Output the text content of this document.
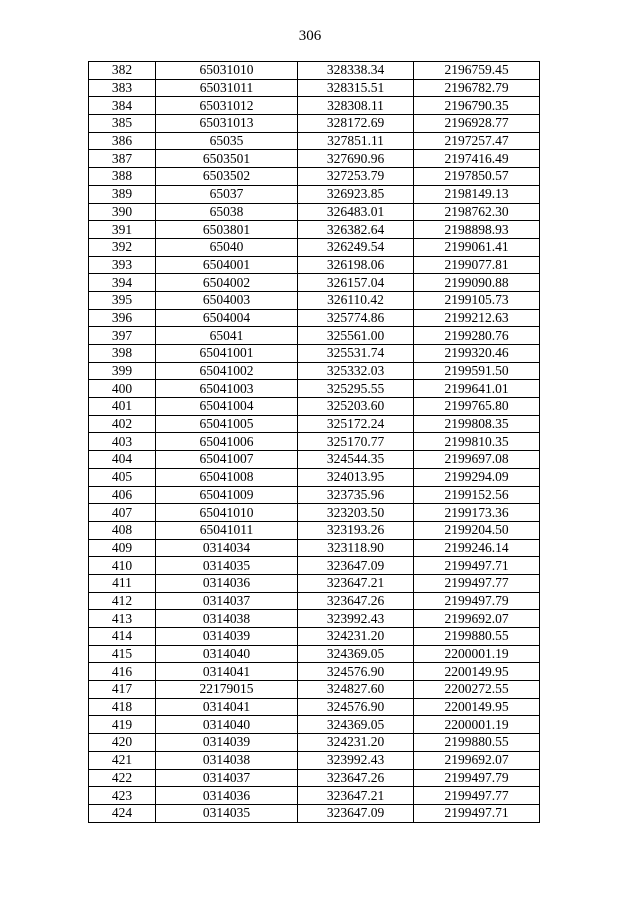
306
382	65031010	328338.34	2196759.45
383	65031011	328315.51	2196782.79
384	65031012	328308.11	2196790.35
385	65031013	328172.69	2196928.77
386	65035	327851.11	2197257.47
387	6503501	327690.96	2197416.49
388	6503502	327253.79	2197850.57
389	65037	326923.85	2198149.13
390	65038	326483.01	2198762.30
391	6503801	326382.64	2198898.93
392	65040	326249.54	2199061.41
393	6504001	326198.06	2199077.81
394	6504002	326157.04	2199090.88
395	6504003	326110.42	2199105.73
396	6504004	325774.86	2199212.63
397	65041	325561.00	2199280.76
398	65041001	325531.74	2199320.46
399	65041002	325332.03	2199591.50
400	65041003	325295.55	2199641.01
401	65041004	325203.60	2199765.80
402	65041005	325172.24	2199808.35
403	65041006	325170.77	2199810.35
404	65041007	324544.35	2199697.08
405	65041008	324013.95	2199294.09
406	65041009	323735.96	2199152.56
407	65041010	323203.50	2199173.36
408	65041011	323193.26	2199204.50
409	0314034	323118.90	2199246.14
410	0314035	323647.09	2199497.71
411	0314036	323647.21	2199497.77
412	0314037	323647.26	2199497.79
413	0314038	323992.43	2199692.07
414	0314039	324231.20	2199880.55
415	0314040	324369.05	2200001.19
416	0314041	324576.90	2200149.95
417	22179015	324827.60	2200272.55
418	0314041	324576.90	2200149.95
419	0314040	324369.05	2200001.19
420	0314039	324231.20	2199880.55
421	0314038	323992.43	2199692.07
422	0314037	323647.26	2199497.79
423	0314036	323647.21	2199497.77
424	0314035	323647.09	2199497.71
